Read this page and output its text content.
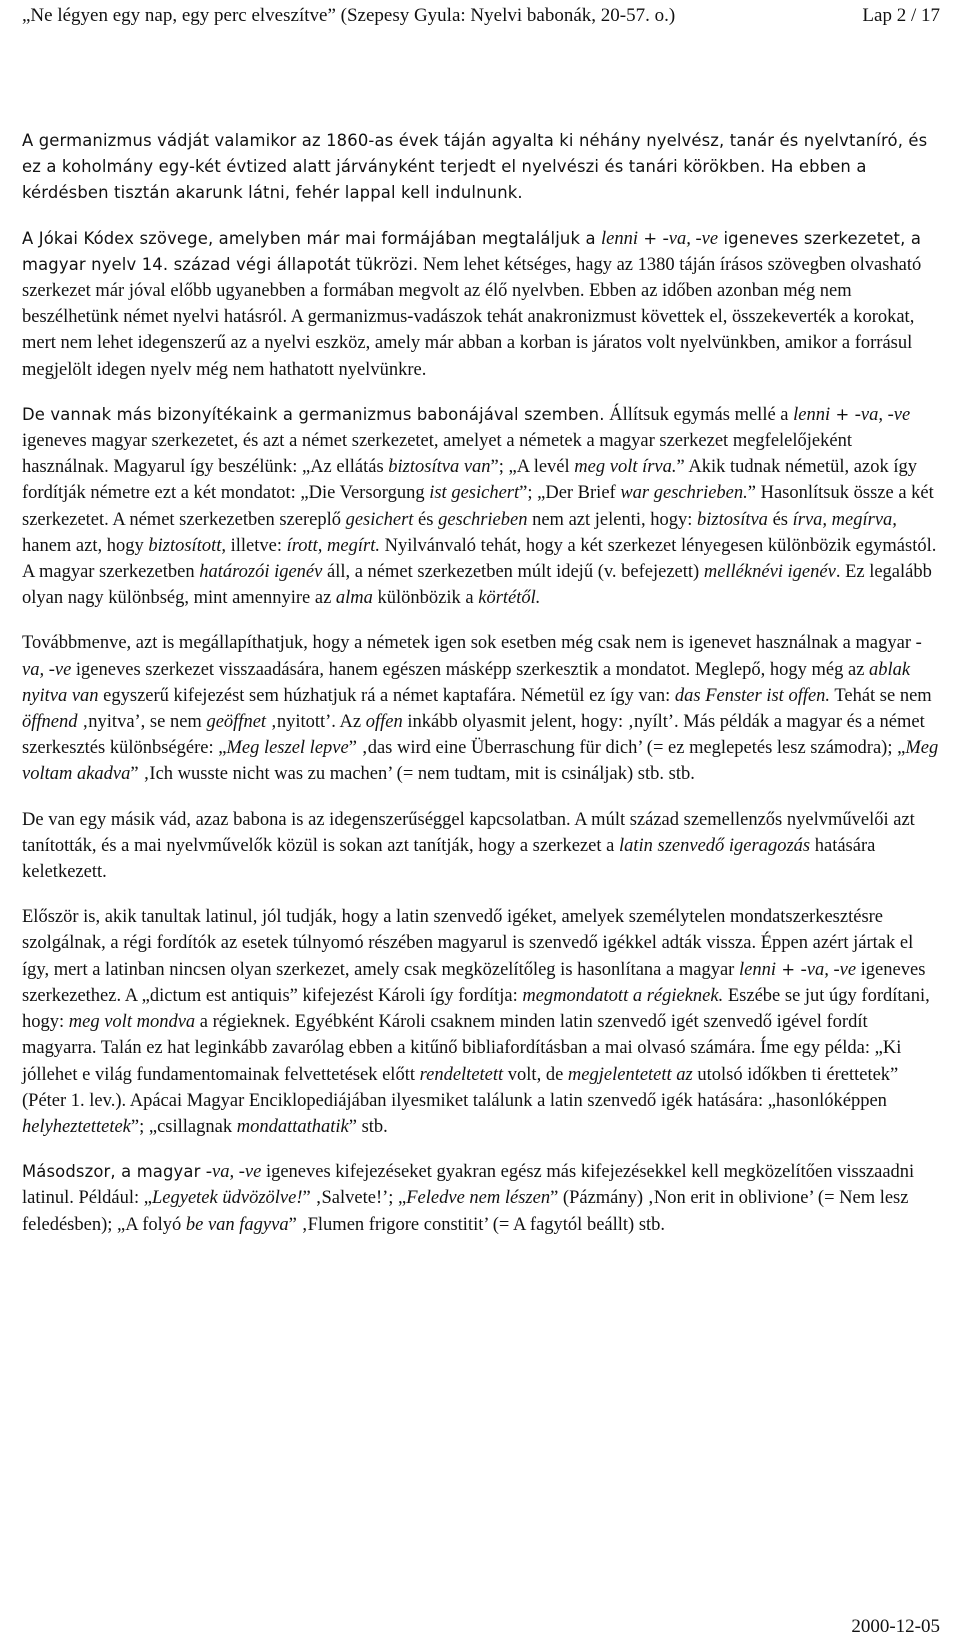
„Ne légyen egy nap, egy perc elveszítve” (Szepesy Gyula: Nyelvi babonák, 20-57. o.)	Lap 2 / 17

A germanizmus vádját valamikor az 1860-as évek táján agyalta ki néhány nyelvész, tanár és nyelvtaníró, és ez a koholmány egy-két évtized alatt járványként terjedt el nyelvészi és tanári körökben. Ha ebben a kérdésben tisztán akarunk látni, fehér lappal kell indulnunk.

A Jókai Kódex szövege, amelyben már mai formájában megtaláljuk a lenni + -va, -ve igeneves szerkezetet, a magyar nyelv 14. század végi állapotát tükrözi. Nem lehet kétséges, hagy az 1380 táján írásos szövegben olvasható szerkezet már jóval előbb ugyanebben a formában megvolt az élő nyelvben. Ebben az időben azonban még nem beszélhetünk német nyelvi hatásról. A germanizmus-vadászok tehát anakronizmust követtek el, összekeverték a korokat, mert nem lehet idegenszerű az a nyelvi eszköz, amely már abban a korban is járatos volt nyelvünkben, amikor a forrásul megjelölt idegen nyelv még nem hathatott nyelvünkre.

De vannak más bizonyítékaink a germanizmus babonájával szemben. Állítsuk egymás mellé a lenni + -va, -ve igeneves magyar szerkezetet, és azt a német szerkezetet, amelyet a németek a magyar szerkezet megfelelőjeként használnak. Magyarul így beszélünk: „Az ellátás biztosítva van”; „A levél meg volt írva.” Akik tudnak németül, azok így fordítják németre ezt a két mondatot: „Die Versorgung ist gesichert”; „Der Brief war geschrieben.” Hasonlítsuk össze a két szerkezetet. A német szerkezetben szereplő gesichert és geschrieben nem azt jelenti, hogy: biztosítva és írva, megírva, hanem azt, hogy biztosított, illetve: írott, megírt. Nyilvánvaló tehát, hogy a két szerkezet lényegesen különbözik egymástól. A magyar szerkezetben határozói igenév áll, a német szerkezetben múlt idejű (v. befejezett) melléknévi igenév. Ez legalább olyan nagy különbség, mint amennyire az alma különbözik a körtétől.

Továbbmenve, azt is megállapíthatjuk, hogy a németek igen sok esetben még csak nem is igenevet használnak a magyar -va, -ve igeneves szerkezet visszaadására, hanem egészen másképp szerkesztik a mondatot. Meglepő, hogy még az ablak nyitva van egyszerű kifejezést sem húzhatjuk rá a német kaptafára. Németül ez így van: das Fenster ist offen. Tehát se nem öffnend ‚nyitva’, se nem geöffnet ‚nyitott’. Az offen inkább olyasmit jelent, hogy: ‚nyílt’. Más példák a magyar és a német szerkesztés különbségére: „Meg leszel lepve” ‚das wird eine Überraschung für dich’ (= ez meglepetés lesz számodra); „Meg voltam akadva” ‚Ich wusste nicht was zu machen’ (= nem tudtam, mit is csináljak) stb. stb.

De van egy másik vád, azaz babona is az idegenszerűséggel kapcsolatban. A múlt század szemellenzős nyelvművelői azt tanították, és a mai nyelvművelők közül is sokan azt tanítják, hogy a szerkezet a latin szenvedő igeragozás hatására keletkezett.

Először is, akik tanultak latinul, jól tudják, hogy a latin szenvedő igéket, amelyek személytelen mondatszerkesztésre szolgálnak, a régi fordítók az esetek túlnyomó részében magyarul is szenvedő igékkel adták vissza. Éppen azért jártak el így, mert a latinban nincsen olyan szerkezet, amely csak megközelítőleg is hasonlítana a magyar lenni + -va, -ve igeneves szerkezethez. A „dictum est antiquis” kifejezést Károli így fordítja: megmondatott a régieknek. Eszébe se jut úgy fordítani, hogy: meg volt mondva a régieknek. Egyébként Károli csaknem minden latin szenvedő igét szenvedő igével fordít magyarra. Talán ez hat leginkább zavarólag ebben a kitűnő bibliafordításban a mai olvasó számára. Íme egy példa: „Ki jóllehet e világ fundamentomainak felvettetések előtt rendeltetett volt, de megjelentetett az utolsó időkben ti érettetek” (Péter 1. lev.). Apácai Magyar Enciklopediájában ilyesmiket találunk a latin szenvedő igék hatására: „hasonlóképpen helyheztettetek”; „csillagnak mondattathatik” stb.

Másodszor, a magyar -va, -ve igeneves kifejezéseket gyakran egész más kifejezésekkel kell megközelítően visszaadni latinul. Például: „Legyetek üdvözölve!” ‚Salvete!’; „Feledve nem lészen” (Pázmány) ‚Non erit in oblivione’ (= Nem lesz feledésben); „A folyó be van fagyva” ‚Flumen frigore constitit’ (= A fagytól beállt) stb.

2000-12-05
